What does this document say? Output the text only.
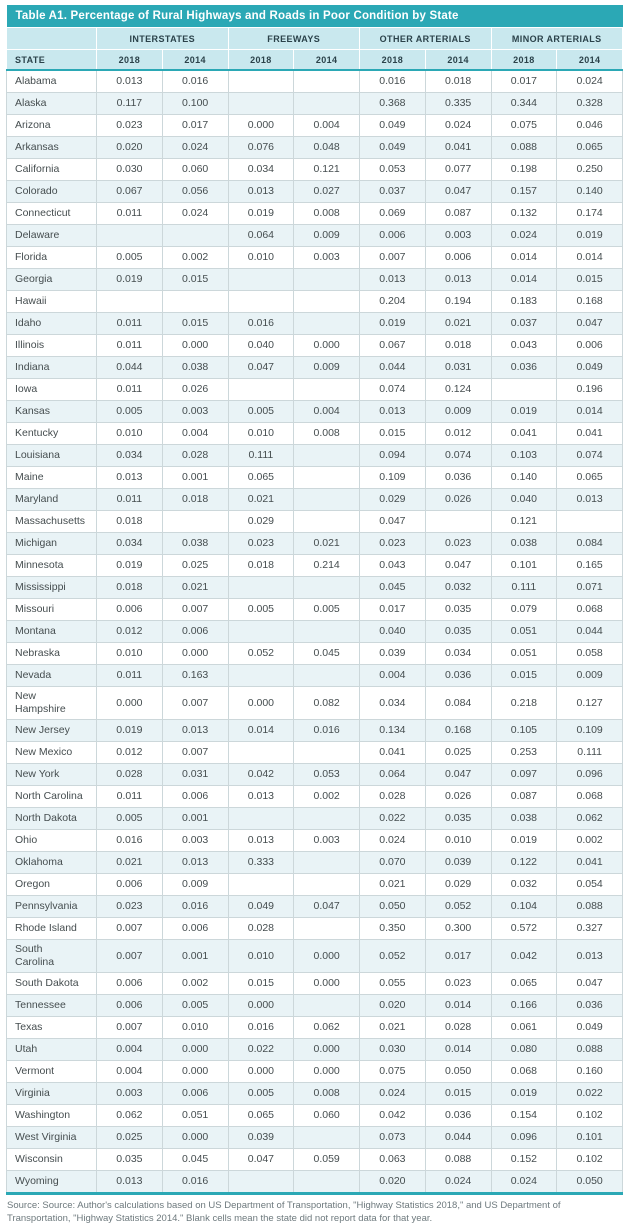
Table A1. Percentage of Rural Highways and Roads in Poor Condition by State								
	INTERSTATES		FREEWAYS		OTHER ARTERIALS		MINOR ARTERIALS	
STATE	2018	2014	2018	2014	2018	2014	2018	2014
Alabama	0.013	0.016			0.016	0.018	0.017	0.024
Alaska	0.117	0.100			0.368	0.335	0.344	0.328
Arizona	0.023	0.017	0.000	0.004	0.049	0.024	0.075	0.046
Arkansas	0.020	0.024	0.076	0.048	0.049	0.041	0.088	0.065
California	0.030	0.060	0.034	0.121	0.053	0.077	0.198	0.250
Colorado	0.067	0.056	0.013	0.027	0.037	0.047	0.157	0.140
Connecticut	0.011	0.024	0.019	0.008	0.069	0.087	0.132	0.174
Delaware			0.064	0.009	0.006	0.003	0.024	0.019
Florida	0.005	0.002	0.010	0.003	0.007	0.006	0.014	0.014
Georgia	0.019	0.015			0.013	0.013	0.014	0.015
Hawaii					0.204	0.194	0.183	0.168
Idaho	0.011	0.015	0.016		0.019	0.021	0.037	0.047
Illinois	0.011	0.000	0.040	0.000	0.067	0.018	0.043	0.006
Indiana	0.044	0.038	0.047	0.009	0.044	0.031	0.036	0.049
Iowa	0.011	0.026			0.074	0.124		0.196
Kansas	0.005	0.003	0.005	0.004	0.013	0.009	0.019	0.014
Kentucky	0.010	0.004	0.010	0.008	0.015	0.012	0.041	0.041
Louisiana	0.034	0.028	0.111		0.094	0.074	0.103	0.074
Maine	0.013	0.001	0.065		0.109	0.036	0.140	0.065
Maryland	0.011	0.018	0.021		0.029	0.026	0.040	0.013
Massachusetts	0.018		0.029		0.047		0.121	
Michigan	0.034	0.038	0.023	0.021	0.023	0.023	0.038	0.084
Minnesota	0.019	0.025	0.018	0.214	0.043	0.047	0.101	0.165
Mississippi	0.018	0.021			0.045	0.032	0.111	0.071
Missouri	0.006	0.007	0.005	0.005	0.017	0.035	0.079	0.068
Montana	0.012	0.006			0.040	0.035	0.051	0.044
Nebraska	0.010	0.000	0.052	0.045	0.039	0.034	0.051	0.058
Nevada	0.011	0.163			0.004	0.036	0.015	0.009
New Hampshire	0.000	0.007	0.000	0.082	0.034	0.084	0.218	0.127
New Jersey	0.019	0.013	0.014	0.016	0.134	0.168	0.105	0.109
New Mexico	0.012	0.007			0.041	0.025	0.253	0.111
New York	0.028	0.031	0.042	0.053	0.064	0.047	0.097	0.096
North Carolina	0.011	0.006	0.013	0.002	0.028	0.026	0.087	0.068
North Dakota	0.005	0.001			0.022	0.035	0.038	0.062
Ohio	0.016	0.003	0.013	0.003	0.024	0.010	0.019	0.002
Oklahoma	0.021	0.013	0.333		0.070	0.039	0.122	0.041
Oregon	0.006	0.009			0.021	0.029	0.032	0.054
Pennsylvania	0.023	0.016	0.049	0.047	0.050	0.052	0.104	0.088
Rhode Island	0.007	0.006	0.028		0.350	0.300	0.572	0.327
South Carolina	0.007	0.001	0.010	0.000	0.052	0.017	0.042	0.013
South Dakota	0.006	0.002	0.015	0.000	0.055	0.023	0.065	0.047
Tennessee	0.006	0.005	0.000		0.020	0.014	0.166	0.036
Texas	0.007	0.010	0.016	0.062	0.021	0.028	0.061	0.049
Utah	0.004	0.000	0.022	0.000	0.030	0.014	0.080	0.088
Vermont	0.004	0.000	0.000	0.000	0.075	0.050	0.068	0.160
Virginia	0.003	0.006	0.005	0.008	0.024	0.015	0.019	0.022
Washington	0.062	0.051	0.065	0.060	0.042	0.036	0.154	0.102
West Virginia	0.025	0.000	0.039		0.073	0.044	0.096	0.101
Wisconsin	0.035	0.045	0.047	0.059	0.063	0.088	0.152	0.102
Wyoming	0.013	0.016			0.020	0.024	0.024	0.050

Source: Source: Author's calculations based on US Department of Transportation, "Highway Statistics 2018," and US Department of Transportation, "Highway Statistics 2014." Blank cells mean the state did not report data for that year.
